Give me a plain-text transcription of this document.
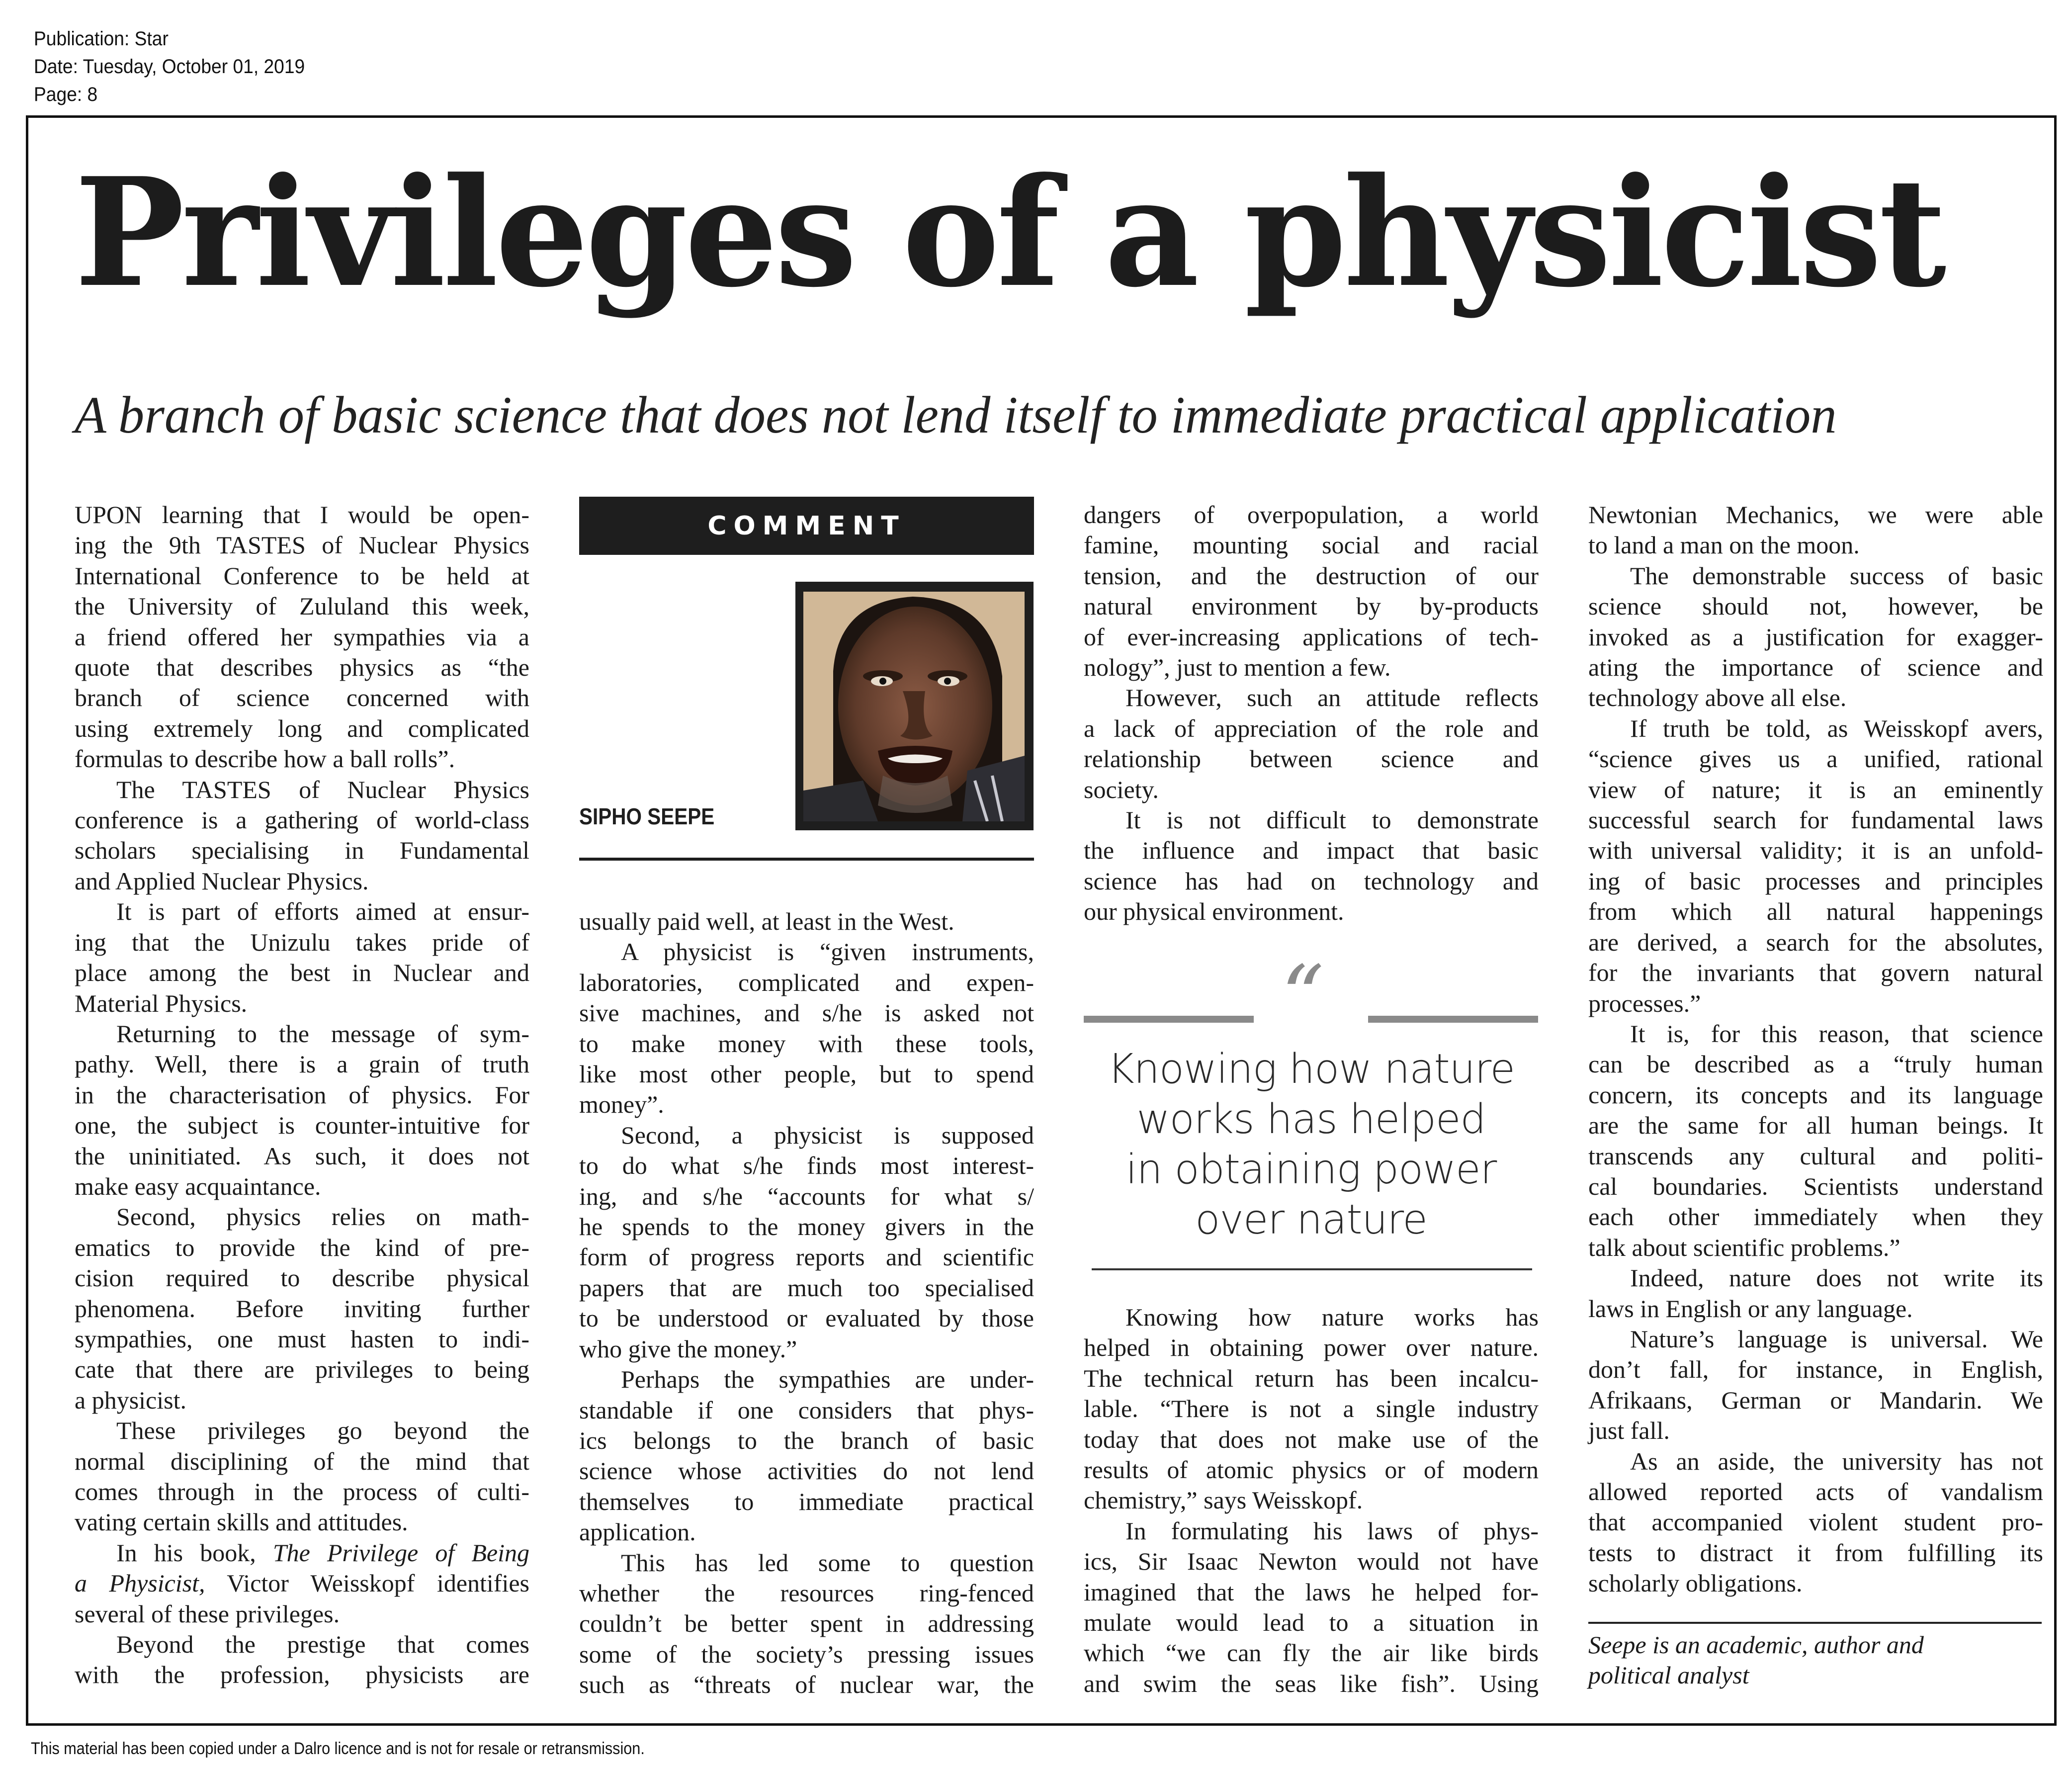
Publication: Star
Date: Tuesday, October 01, 2019
Page: 8
Privileges of a physicist
A branch of basic science that does not lend itself to immediate practical application

UPON learning that I would be open-
ing the 9th TASTES of Nuclear Physics
International Conference to be held at
the University of Zululand this week,
a friend offered her sympathies via a
quote that describes physics as “the
branch of science concerned with
using extremely long and complicated
formulas to describe how a ball rolls”.

The TASTES of Nuclear Physics
conference is a gathering of world-class
scholars specialising in Fundamental
and Applied Nuclear Physics.

It is part of efforts aimed at ensur-
ing that the Unizulu takes pride of
place among the best in Nuclear and
Material Physics.

Returning to the message of sym-
pathy. Well, there is a grain of truth
in the characterisation of physics. For
one, the subject is counter-intuitive for
the uninitiated. As such, it does not
make easy acquaintance.

Second, physics relies on math-
ematics to provide the kind of pre-
cision required to describe physical
phenomena. Before inviting further
sympathies, one must hasten to indi-
cate that there are privileges to being
a physicist.

These privileges go beyond the
normal disciplining of the mind that
comes through in the process of culti-
vating certain skills and attitudes.

In his book, The Privilege of Being
a Physicist, Victor Weisskopf identifies
several of these privileges.

Beyond the prestige that comes
with the profession, physicists are

COMMENT
SIPHO SEEPE

usually paid well, at least in the West.

A physicist is “given instruments,
laboratories, complicated and expen-
sive machines, and s/he is asked not
to make money with these tools,
like most other people, but to spend
money”.

Second, a physicist is supposed
to do what s/he finds most interest-
ing, and s/he “accounts for what s/
he spends to the money givers in the
form of progress reports and scientific
papers that are much too specialised
to be understood or evaluated by those
who give the money.”

Perhaps the sympathies are under-
standable if one considers that phys-
ics belongs to the branch of basic
science whose activities do not lend
themselves to immediate practical
application.

This has led some to question
whether the resources ring-fenced
couldn’t be better spent in addressing
some of the society’s pressing issues
such as “threats of nuclear war, the

dangers of overpopulation, a world
famine, mounting social and racial
tension, and the destruction of our
natural environment by by-products
of ever-increasing applications of tech-
nology”, just to mention a few.

However, such an attitude reflects
a lack of appreciation of the role and
relationship between science and
society.

It is not difficult to demonstrate
the influence and impact that basic
science has had on technology and
our physical environment.

“
Knowing how nature
works has helped
in obtaining power
over nature

Knowing how nature works has
helped in obtaining power over nature.
The technical return has been incalcu-
lable. “There is not a single industry
today that does not make use of the
results of atomic physics or of modern
chemistry,” says Weisskopf.

In formulating his laws of phys-
ics, Sir Isaac Newton would not have
imagined that the laws he helped for-
mulate would lead to a situation in
which “we can fly the air like birds
and swim the seas like fish”. Using

Newtonian Mechanics, we were able
to land a man on the moon.

The demonstrable success of basic
science should not, however, be
invoked as a justification for exagger-
ating the importance of science and
technology above all else.

If truth be told, as Weisskopf avers,
“science gives us a unified, rational
view of nature; it is an eminently
successful search for fundamental laws
with universal validity; it is an unfold-
ing of basic processes and principles
from which all natural happenings
are derived, a search for the absolutes,
for the invariants that govern natural
processes.”

It is, for this reason, that science
can be described as a “truly human
concern, its concepts and its language
are the same for all human beings. It
transcends any cultural and politi-
cal boundaries. Scientists understand
each other immediately when they
talk about scientific problems.”

Indeed, nature does not write its
laws in English or any language.

Nature’s language is universal. We
don’t fall, for instance, in English,
Afrikaans, German or Mandarin. We
just fall.

As an aside, the university has not
allowed reported acts of vandalism
that accompanied violent student pro-
tests to distract it from fulfilling its
scholarly obligations.

Seepe is an academic, author and
political analyst
This material has been copied under a Dalro licence and is not for resale or retransmission.
